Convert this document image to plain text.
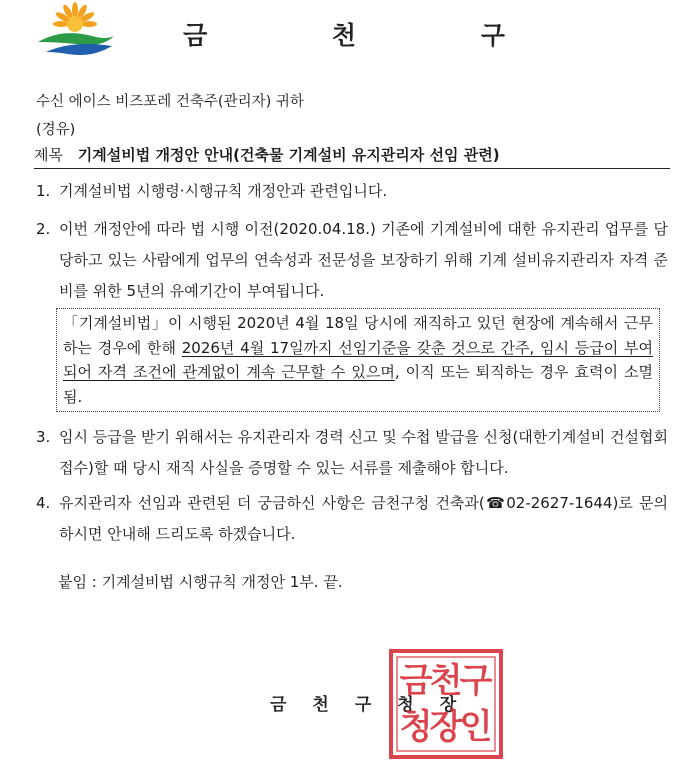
금 천 구
수신 에이스 비즈포레 건축주(관리자) 귀하
(경유)
제목 기계설비법 개정안 안내(건축물 기계설비 유지관리자 선임 관련)
1. 기계설비법 시행령·시행규칙 개정안과 관련입니다.
2. 이번 개정안에 따라 법 시행 이전(2020.04.18.) 기존에 기계설비에 대한 유지관리 업무를 담당하고 있는 사람에게 업무의 연속성과 전문성을 보장하기 위해 기계 설비유지관리자 자격 준비를 위한 5년의 유예기간이 부여됩니다.
「기계설비법」이 시행된 2020년 4월 18일 당시에 재직하고 있던 현장에 계속해서 근무하는 경우에 한해 2026년 4월 17일까지 선임기준을 갖춘 것으로 간주, 임시 등급이 부여되어 자격 조건에 관계없이 계속 근무할 수 있으며, 이직 또는 퇴직하는 경우 효력이 소멸됨.
3. 임시 등급을 받기 위해서는 유지관리자 경력 신고 및 수첩 발급을 신청(대한기계설비 건설협회 접수)할 때 당시 재직 사실을 증명할 수 있는 서류를 제출해야 합니다.
4. 유지관리자 선임과 관련된 더 궁금하신 사항은 금천구청 건축과(☎02-2627-1644)로 문의하시면 안내해 드리도록 하겠습니다.
붙임 : 기계설비법 시행규칙 개정안 1부. 끝.
금천구청장
금
천
구
청
장
인
